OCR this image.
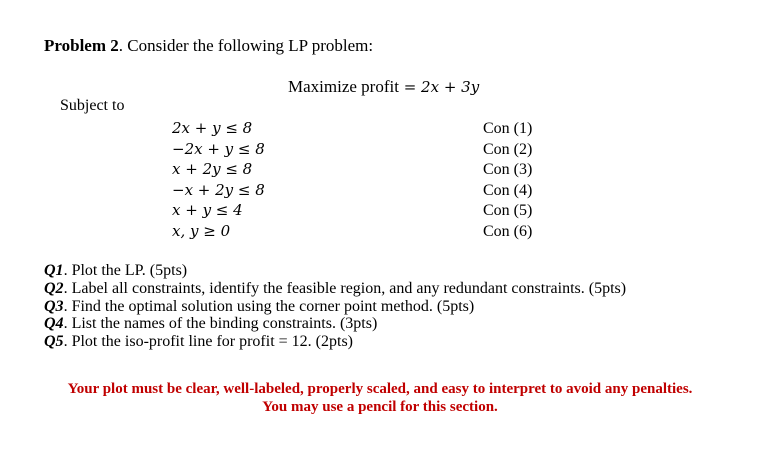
Problem 2. Consider the following LP problem:
Maximize profit = 2x + 3y
Subject to
2x + y ≤ 8
−2x + y ≤ 8
x + 2y ≤ 8
−x + 2y ≤ 8
x + y ≤ 4
x, y ≥ 0
Con (1)
Con (2)
Con (3)
Con (4)
Con (5)
Con (6)
Q1. Plot the LP. (5pts)
Q2. Label all constraints, identify the feasible region, and any redundant constraints. (5pts)
Q3. Find the optimal solution using the corner point method. (5pts)
Q4. List the names of the binding constraints. (3pts)
Q5. Plot the iso-profit line for profit = 12. (2pts)
Your plot must be clear, well-labeled, properly scaled, and easy to interpret to avoid any penalties.
You may use a pencil for this section.
